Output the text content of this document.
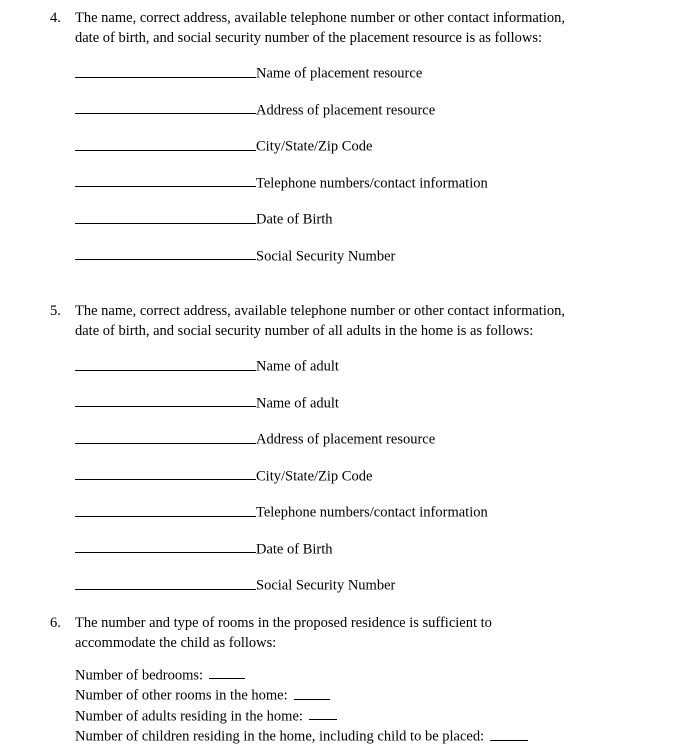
4. The name, correct address, available telephone number or other contact information,
date of birth, and social security number of the placement resource is as follows:
Name of placement resource
Address of placement resource
City/State/Zip Code
Telephone numbers/contact information
Date of Birth
Social Security Number
5. The name, correct address, available telephone number or other contact information,
date of birth, and social security number of all adults in the home is as follows:
Name of adult
Name of adult
Address of placement resource
City/State/Zip Code
Telephone numbers/contact information
Date of Birth
Social Security Number
6. The number and type of rooms in the proposed residence is sufficient to
accommodate the child as follows:
Number of bedrooms:
Number of other rooms in the home:
Number of adults residing in the home:
Number of children residing in the home, including child to be placed:
